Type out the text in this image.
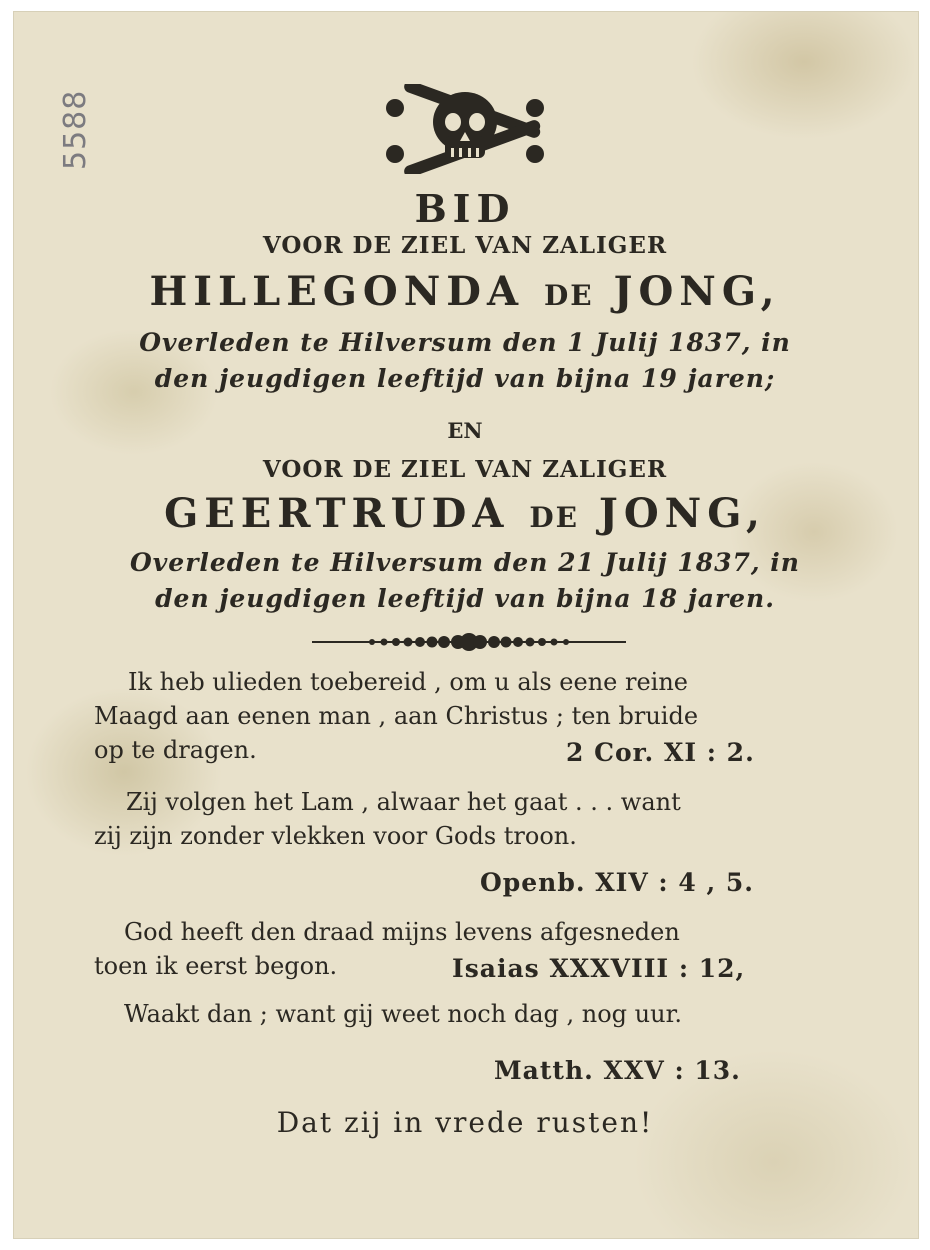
5588
BID
VOOR DE ZIEL VAN ZALIGER
HILLEGONDA DE JONG,
Overleden te Hilversum den 1 Julij 1837, in
den jeugdigen leeftijd van bijna 19 jaren;
EN
VOOR DE ZIEL VAN ZALIGER
GEERTRUDA DE JONG,
Overleden te Hilversum den 21 Julij 1837, in
den jeugdigen leeftijd van bijna 18 jaren.
Ik heb ulieden toebereid , om u als eene reine
Maagd aan eenen man , aan Christus ; ten bruide
op te dragen.	2 Cor. XI : 2.
Zij volgen het Lam , alwaar het gaat . . . want
zij zijn zonder vlekken voor Gods troon.
Openb. XIV : 4 , 5.
God heeft den draad mijns levens afgesneden
toen ik eerst begon.	Isaias XXXVIII : 12,
Waakt dan ; want gij weet noch dag , nog uur.
Matth. XXV : 13.
Dat zij in vrede rusten!
